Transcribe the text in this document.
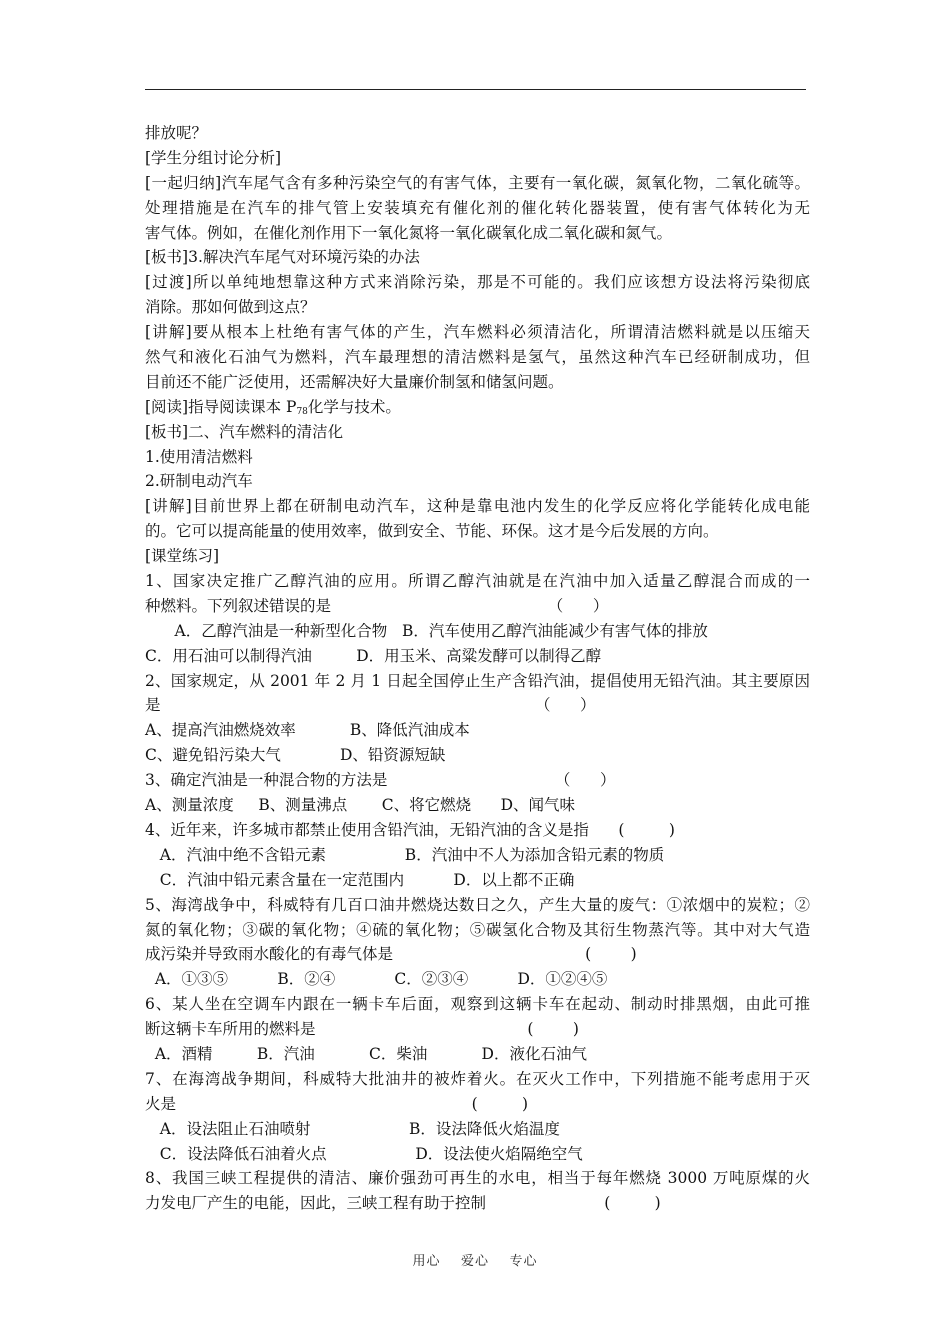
排放呢？
[学生分组讨论分析]
[一起归纳]汽车尾气含有多种污染空气的有害气体，主要有一氧化碳，氮氧化物，二氧化硫等。
处理措施是在汽车的排气管上安装填充有催化剂的催化转化器装置，使有害气体转化为无
害气体。例如，在催化剂作用下一氧化氮将一氧化碳氧化成二氧化碳和氮气。
[板书]3.解决汽车尾气对环境污染的办法
[过渡]所以单纯地想靠这种方式来消除污染，那是不可能的。我们应该想方设法将污染彻底
消除。那如何做到这点？
[讲解]要从根本上杜绝有害气体的产生，汽车燃料必须清洁化，所谓清洁燃料就是以压缩天
然气和液化石油气为燃料，汽车最理想的清洁燃料是氢气，虽然这种汽车已经研制成功，但
目前还不能广泛使用，还需解决好大量廉价制氢和储氢问题。
[阅读]指导阅读课本 $P_{78}$化学与技术。
[板书]二、汽车燃料的清洁化
1.使用清洁燃料
2.研制电动汽车
[讲解]目前世界上都在研制电动汽车，这种是靠电池内发生的化学反应将化学能转化成电能
的。它可以提高能量的使用效率，做到安全、节能、环保。这才是今后发展的方向。
[课堂练习]
1、国家决定推广乙醇汽油的应用。所谓乙醇汽油就是在汽油中加入适量乙醇混合而成的一
种燃料。下列叙述错误的是                                            （      ）
A．乙醇汽油是一种新型化合物   B．汽车使用乙醇汽油能减少有害气体的排放
C．用石油可以制得汽油         D．用玉米、高粱发酵可以制得乙醇
2、国家规定，从 2001 年 2 月 1 日起全国停止生产含铅汽油，提倡使用无铅汽油。其主要原因
是                                                                            （      ）
A、提高汽油燃烧效率           B、降低汽油成本
C、避免铅污染大气            D、铅资源短缺
3、确定汽油是一种混合物的方法是                                  （      ）
A、测量浓度     B、测量沸点       C、将它燃烧      D、闻气味
4、近年来，许多城市都禁止使用含铅汽油，无铅汽油的含义是指      (         )
A．汽油中绝不含铅元素                B．汽油中不人为添加含铅元素的物质
C．汽油中铅元素含量在一定范围内          D．以上都不正确
5、海湾战争中，科威特有几百口油井燃烧达数日之久，产生大量的废气：①浓烟中的炭粒；②
氮的氧化物；③碳的氧化物；④硫的氧化物；⑤碳氢化合物及其衍生物蒸汽等。其中对大气造
成污染并导致雨水酸化的有毒气体是                                       (        )
A．①③⑤          B．②④            C．②③④          D．①②④⑤
6、某人坐在空调车内跟在一辆卡车后面，观察到这辆卡车在起动、制动时排黑烟，由此可推
断这辆卡车所用的燃料是                                           (        )
A．酒精         B．汽油           C．柴油           D．液化石油气
7、在海湾战争期间，科威特大批油井的被炸着火。在灭火工作中，下列措施不能考虑用于灭
火是                                                            (         )
A．设法阻止石油喷射                    B．设法降低火焰温度
C．设法降低石油着火点                  D．设法使火焰隔绝空气
8、我国三峡工程提供的清洁、廉价强劲可再生的水电，相当于每年燃烧 3000 万吨原煤的火
力发电厂产生的电能，因此，三峡工程有助于控制                        (         )
用心    爱心    专心
